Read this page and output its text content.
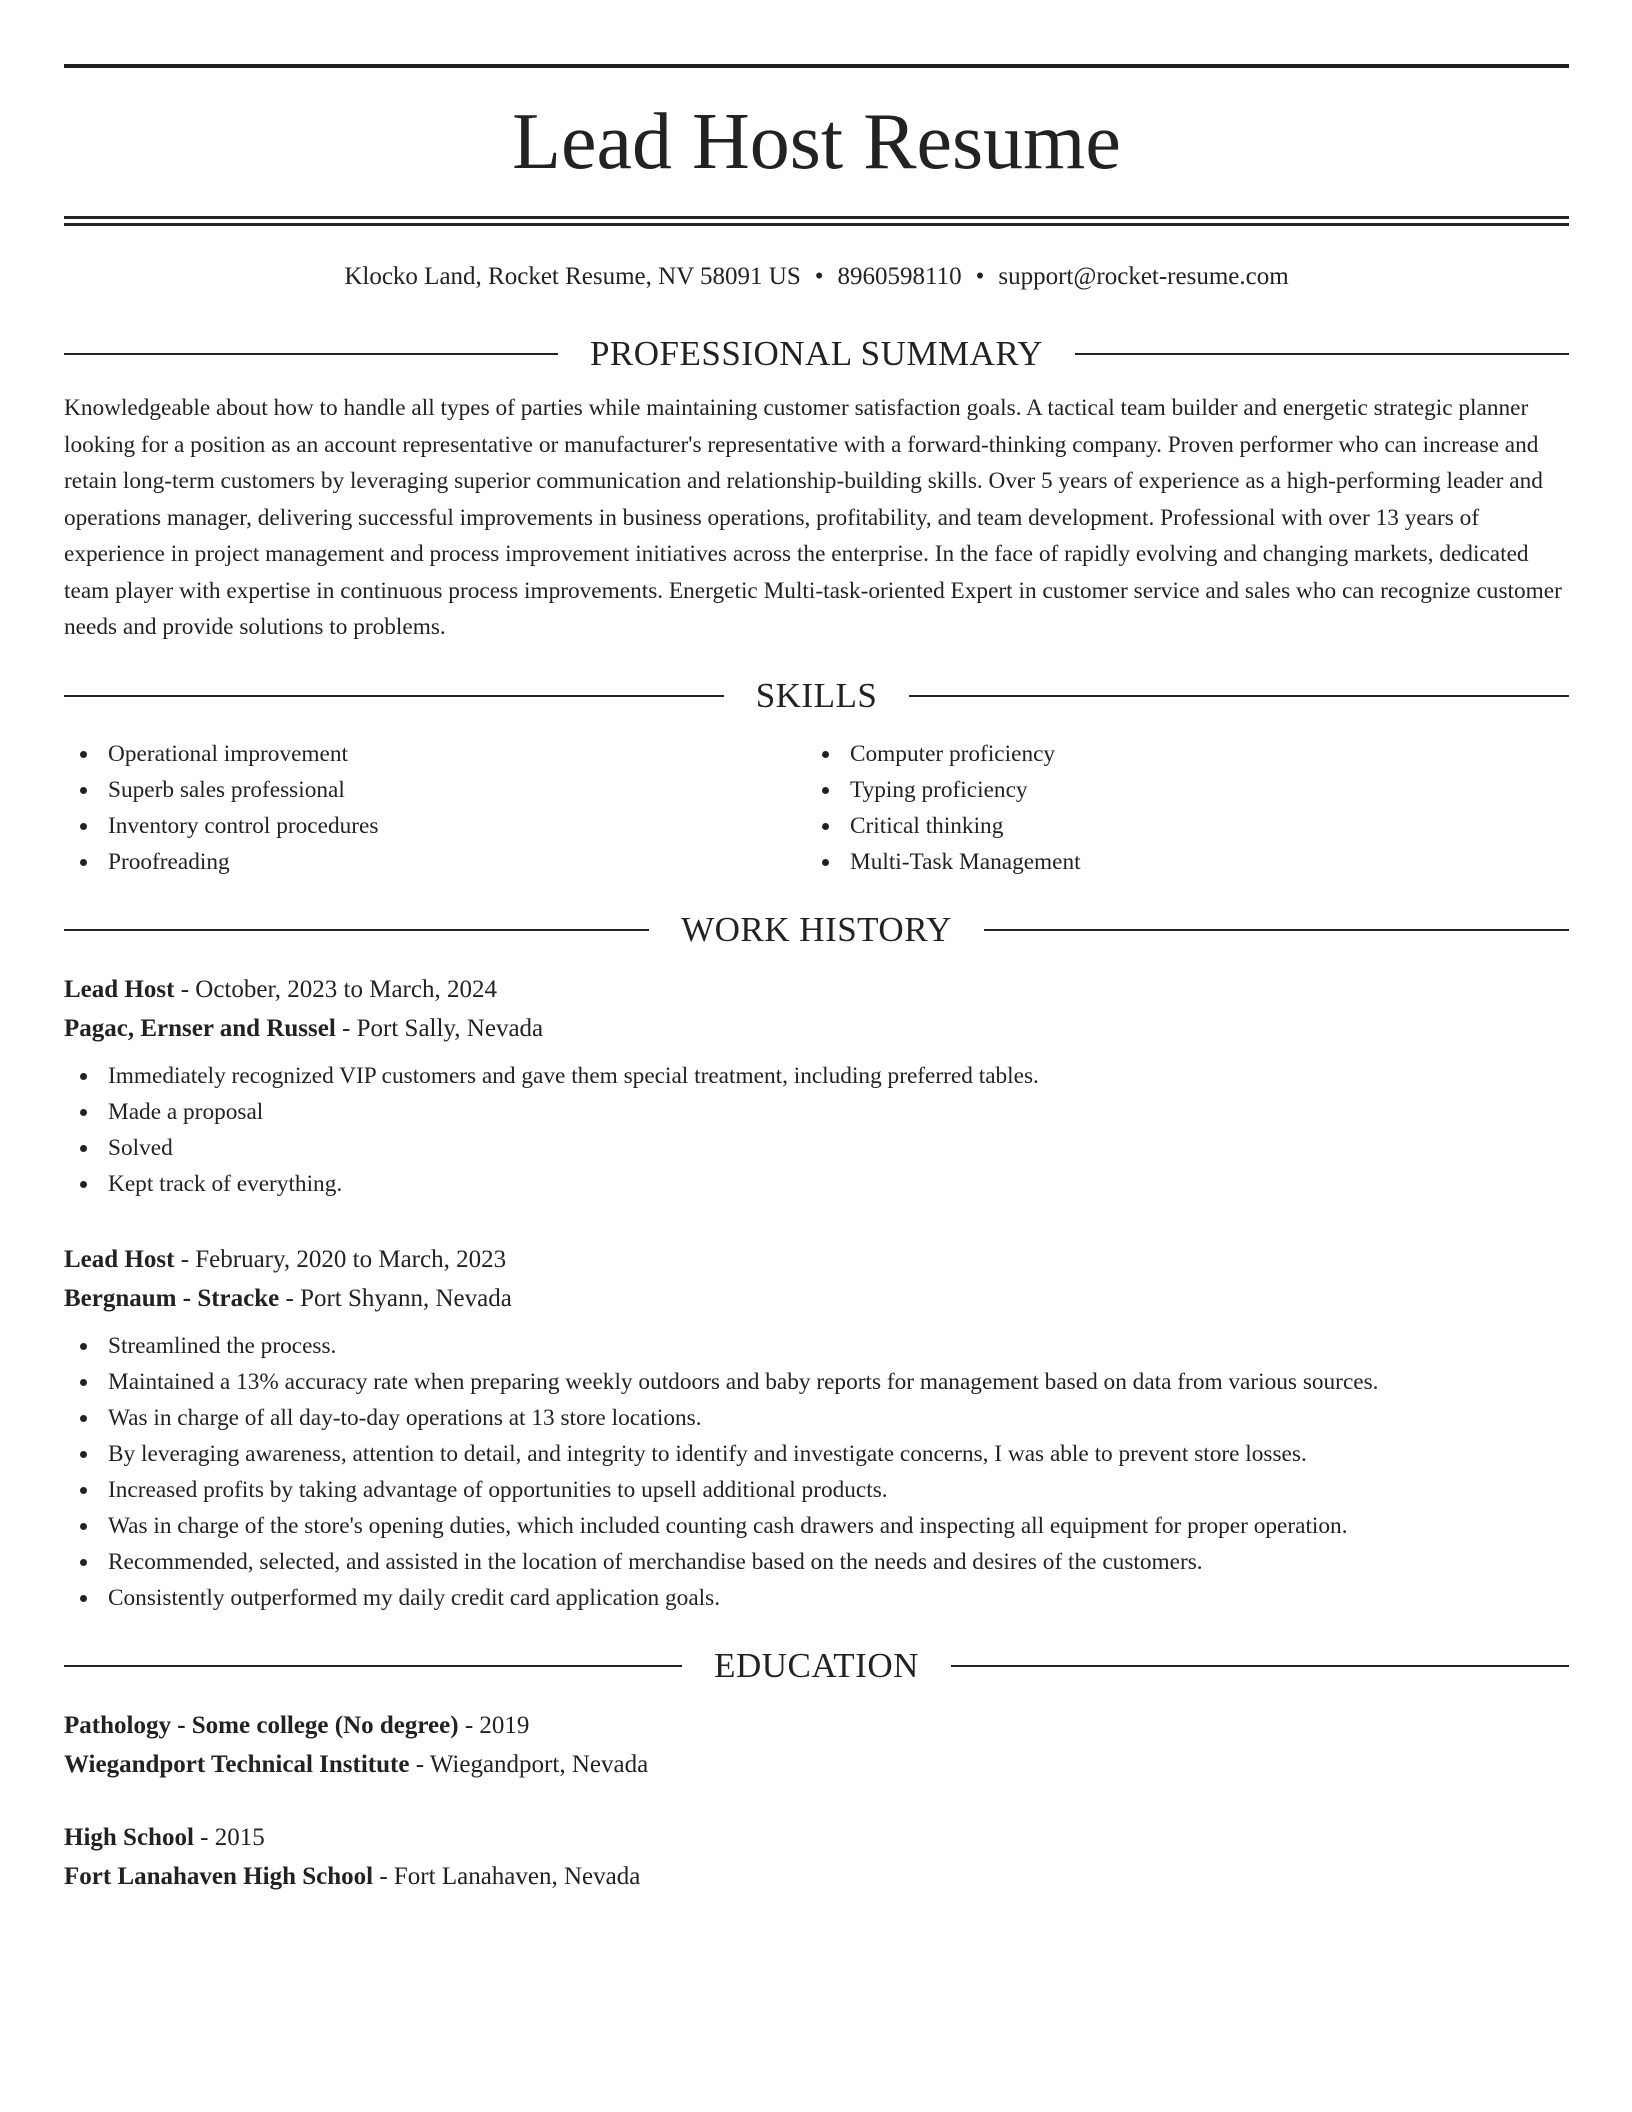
Lead Host Resume
Klocko Land, Rocket Resume, NV 58091 US • 8960598110 • support@rocket-resume.com
PROFESSIONAL SUMMARY
Knowledgeable about how to handle all types of parties while maintaining customer satisfaction goals. A tactical team builder and energetic strategic planner looking for a position as an account representative or manufacturer's representative with a forward-thinking company. Proven performer who can increase and retain long-term customers by leveraging superior communication and relationship-building skills. Over 5 years of experience as a high-performing leader and operations manager, delivering successful improvements in business operations, profitability, and team development. Professional with over 13 years of experience in project management and process improvement initiatives across the enterprise. In the face of rapidly evolving and changing markets, dedicated team player with expertise in continuous process improvements. Energetic Multi-task-oriented Expert in customer service and sales who can recognize customer needs and provide solutions to problems.
SKILLS
Operational improvement
Superb sales professional
Inventory control procedures
Proofreading
Computer proficiency
Typing proficiency
Critical thinking
Multi-Task Management
WORK HISTORY
Lead Host - October, 2023 to March, 2024
Pagac, Ernser and Russel - Port Sally, Nevada
Immediately recognized VIP customers and gave them special treatment, including preferred tables.
Made a proposal
Solved
Kept track of everything.
Lead Host - February, 2020 to March, 2023
Bergnaum - Stracke - Port Shyann, Nevada
Streamlined the process.
Maintained a 13% accuracy rate when preparing weekly outdoors and baby reports for management based on data from various sources.
Was in charge of all day-to-day operations at 13 store locations.
By leveraging awareness, attention to detail, and integrity to identify and investigate concerns, I was able to prevent store losses.
Increased profits by taking advantage of opportunities to upsell additional products.
Was in charge of the store's opening duties, which included counting cash drawers and inspecting all equipment for proper operation.
Recommended, selected, and assisted in the location of merchandise based on the needs and desires of the customers.
Consistently outperformed my daily credit card application goals.
EDUCATION
Pathology - Some college (No degree) - 2019
Wiegandport Technical Institute - Wiegandport, Nevada
High School - 2015
Fort Lanahaven High School - Fort Lanahaven, Nevada
